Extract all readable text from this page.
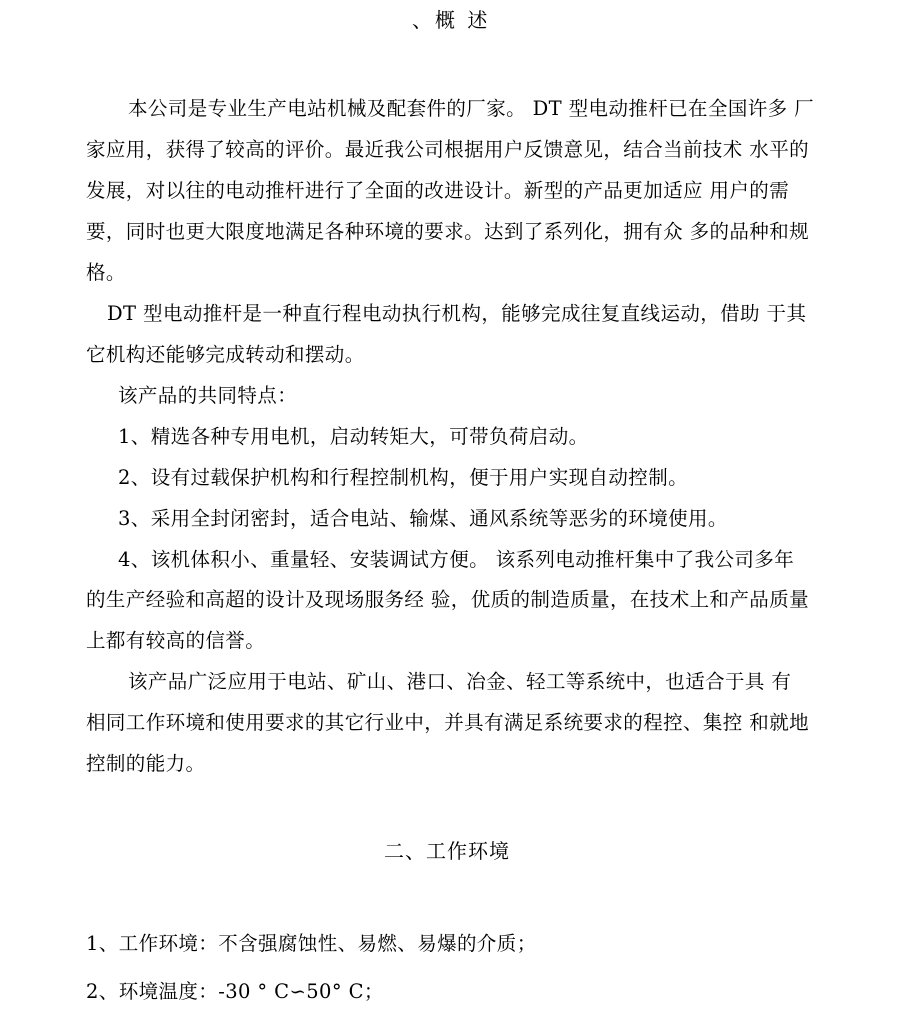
、概 述
本公司是专业生产电站机械及配套件的厂家。 DT 型电动推杆已在全国许多 厂
家应用，获得了较高的评价。最近我公司根据用户反馈意见，结合当前技术 水平的
发展，对以往的电动推杆进行了全面的改进设计。新型的产品更加适应 用户的需
要，同时也更大限度地满足各种环境的要求。达到了系列化，拥有众 多的品种和规
格。
DT 型电动推杆是一种直行程电动执行机构，能够完成往复直线运动，借助 于其
它机构还能够完成转动和摆动。
该产品的共同特点：
1、精选各种专用电机，启动转矩大，可带负荷启动。
2、设有过载保护机构和行程控制机构，便于用户实现自动控制。
3、采用全封闭密封，适合电站、输煤、通风系统等恶劣的环境使用。
4、该机体积小、重量轻、安装调试方便。 该系列电动推杆集中了我公司多年
的生产经验和高超的设计及现场服务经 验，优质的制造质量，在技术上和产品质量
上都有较高的信誉。
该产品广泛应用于电站、矿山、港口、冶金、轻工等系统中，也适合于具 有
相同工作环境和使用要求的其它行业中，并具有满足系统要求的程控、集控 和就地
控制的能力。
二、工作环境
1、工作环境：不含强腐蚀性、易燃、易爆的介质；
2、环境温度：-30 ° C∽50° C；
